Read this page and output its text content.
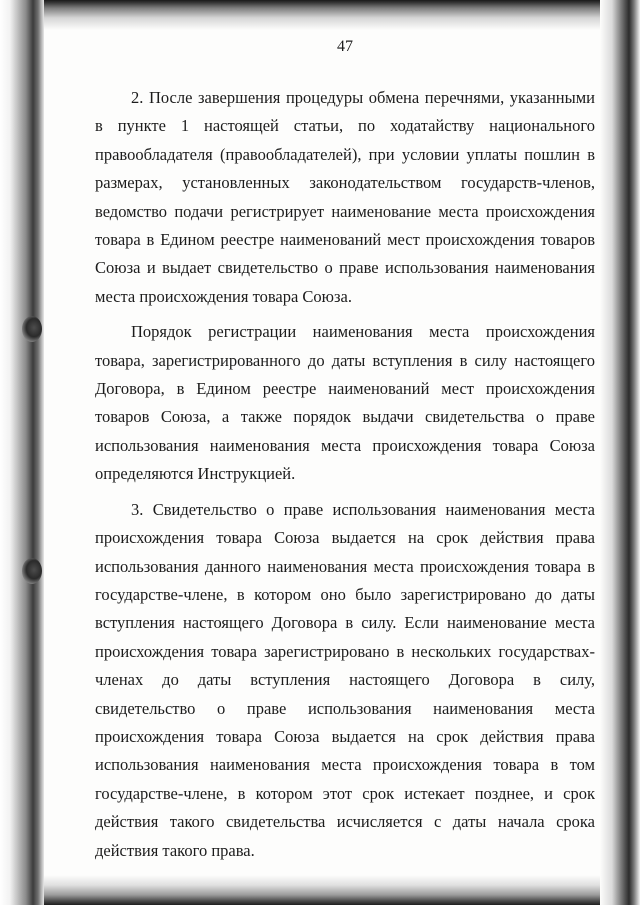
47

2. После завершения процедуры обмена перечнями, указанными в пункте 1 настоящей статьи, по ходатайству национального правообладателя (правообладателей), при условии уплаты пошлин в размерах, установленных законодательством государств-членов, ведомство подачи регистрирует наименование места происхождения товара в Едином реестре наименований мест происхождения товаров Союза и выдает свидетельство о праве использования наименования места происхождения товара Союза.

Порядок регистрации наименования места происхождения товара, зарегистрированного до даты вступления в силу настоящего Договора, в Едином реестре наименований мест происхождения товаров Союза, а также порядок выдачи свидетельства о праве использования наименования места происхождения товара Союза определяются Инструкцией.

3. Свидетельство о праве использования наименования места происхождения товара Союза выдается на срок действия права использования данного наименования места происхождения товара в государстве-члене, в котором оно было зарегистрировано до даты вступления настоящего Договора в силу. Если наименование места происхождения товара зарегистрировано в нескольких государствах-членах до даты вступления настоящего Договора в силу, свидетельство о праве использования наименования места происхождения товара Союза выдается на срок действия права использования наименования места происхождения товара в том государстве-члене, в котором этот срок истекает позднее, и срок действия такого свидетельства исчисляется с даты начала срока действия такого права.
